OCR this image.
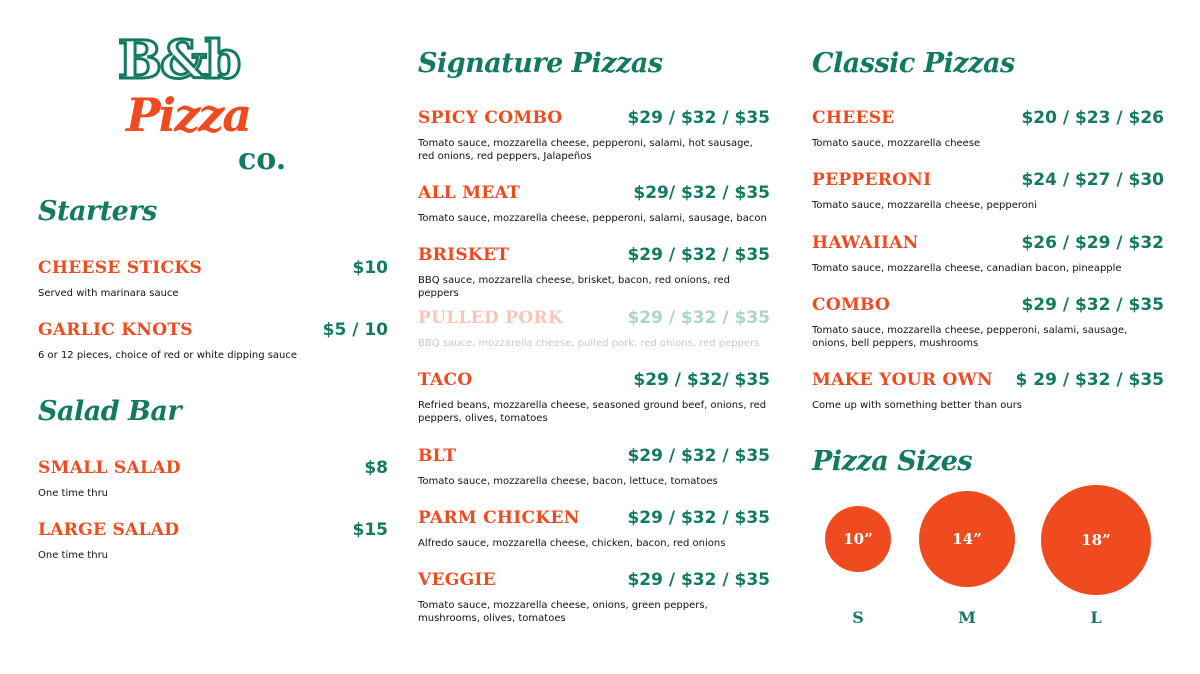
B&b
Pizza
co.
Starters
CHEESE STICKS	$10
Served with marinara sauce
GARLIC KNOTS	$5 / 10
6 or 12 pieces, choice of red or white dipping sauce
Salad Bar
SMALL SALAD	$8
One time thru
LARGE SALAD	$15
One time thru
Signature Pizzas
SPICY COMBO	$29 / $32 / $35
Tomato sauce, mozzarella cheese, pepperoni, salami, hot sausage, red onions, red peppers, Jalapeños
ALL MEAT	$29/ $32 / $35
Tomato sauce, mozzarella cheese, pepperoni, salami, sausage, bacon
BRISKET	$29 / $32 / $35
BBQ sauce, mozzarella cheese, brisket, bacon, red onions, red peppers
PULLED PORK	$29 / $32 / $35
BBQ sauce, mozzarella cheese, pulled pork, red onions, red peppers
TACO	$29 / $32/ $35
Refried beans, mozzarella cheese, seasoned ground beef, onions, red peppers, olives, tomatoes
BLT	$29 / $32 / $35
Tomato sauce, mozzarella cheese, bacon, lettuce, tomatoes
PARM CHICKEN	$29 / $32 / $35
Alfredo sauce, mozzarella cheese, chicken, bacon, red onions
VEGGIE	$29 / $32 / $35
Tomato sauce, mozzarella cheese, onions, green peppers, mushrooms, olives, tomatoes
Classic Pizzas
CHEESE	$20 / $23 / $26
Tomato sauce, mozzarella cheese
PEPPERONI	$24 / $27 / $30
Tomato sauce, mozzarella cheese, pepperoni
HAWAIIAN	$26 / $29 / $32
Tomato sauce, mozzarella cheese, canadian bacon, pineapple
COMBO	$29 / $32 / $35
Tomato sauce, mozzarella cheese, pepperoni, salami, sausage, onions, bell peppers, mushrooms
MAKE YOUR OWN $ 29 / $32 / $35
Come up with something better than ours
Pizza Sizes
10”	14”	18”
S	M	L
